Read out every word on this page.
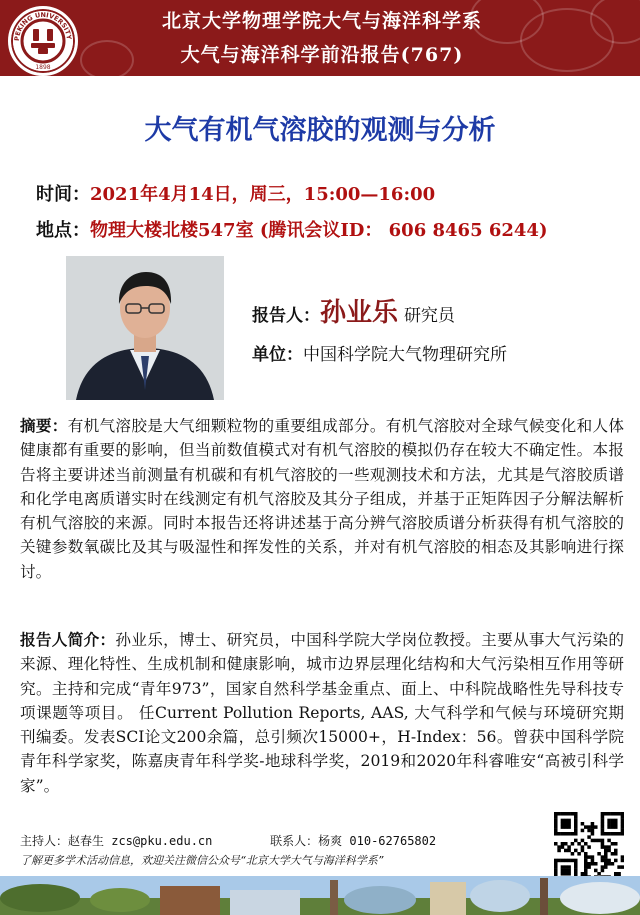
PEKING UNIVERSITY
1898
北京大学物理学院大气与海洋科学系
大气与海洋科学前沿报告(767)
大气有机气溶胶的观测与分析
时间：2021年4月14日，周三，15:00—16:00
地点：物理大楼北楼547室 (腾讯会议ID： 606 8465 6244)
报告人：孙业乐 研究员
单位：中国科学院大气物理研究所
摘要：有机气溶胶是大气细颗粒物的重要组成部分。有机气溶胶对全球气候变化和人体健康都有重要的影响，但当前数值模式对有机气溶胶的模拟仍存在较大不确定性。本报告将主要讲述当前测量有机碳和有机气溶胶的一些观测技术和方法，尤其是气溶胶质谱和化学电离质谱实时在线测定有机气溶胶及其分子组成，并基于正矩阵因子分解法解析有机气溶胶的来源。同时本报告还将讲述基于高分辨气溶胶质谱分析获得有机气溶胶的关键参数氧碳比及其与吸湿性和挥发性的关系，并对有机气溶胶的相态及其影响进行探讨。
报告人简介：孙业乐，博士、研究员，中国科学院大学岗位教授。主要从事大气污染的来源、理化特性、生成机制和健康影响，城市边界层理化结构和大气污染相互作用等研究。主持和完成“青年973”，国家自然科学基金重点、面上、中科院战略性先导科技专项课题等项目。 任Current Pollution Reports, AAS, 大气科学和气候与环境研究期刊编委。发表SCI论文200余篇，总引频次15000+，H-Index：56。曾获中国科学院青年科学家奖，陈嘉庚青年科学奖-地球科学奖，2019和2020年科睿唯安“高被引科学家”。
主持人：赵春生 zcs@pku.edu.cn	联系人：杨爽 010-62765802
了解更多学术活动信息，欢迎关注微信公众号“北京大学大气与海洋科学系”
